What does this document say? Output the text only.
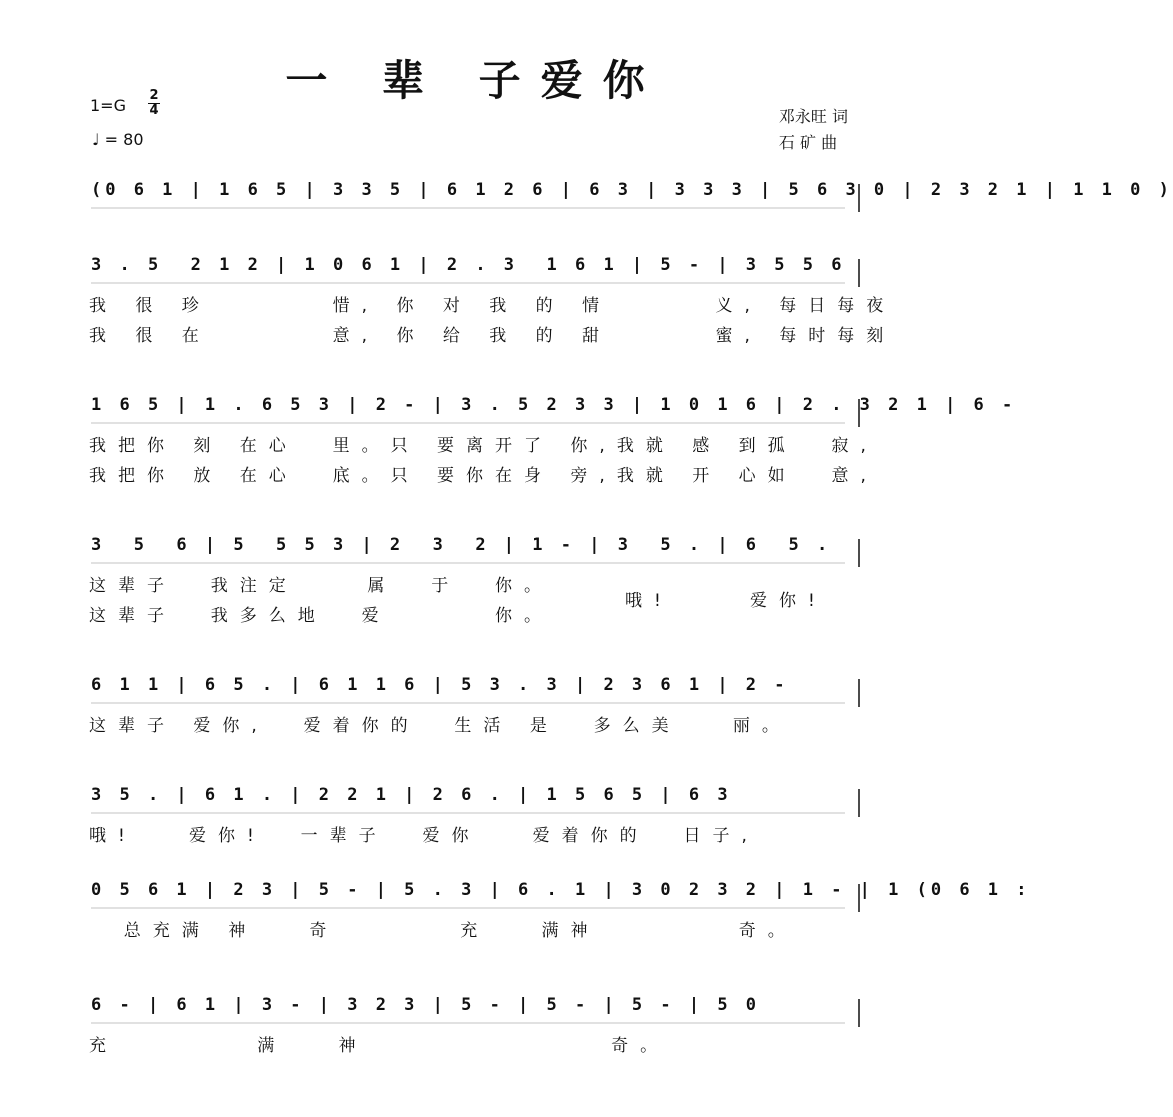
一 辈 子爱你
1=G
2
4
♩ = 80
邓永旺 词
石 矿 曲
(0 6 1 | 1 6 5 | 3 3 5 | 6 1 2 6 | 6 3 | 3 3 3 | 5 6 3 0 | 2 3 2 1 | 1 1 0 )
3 . 5  2 1 2 | 1 0 6 1 | 2 . 3  1 6 1 | 5 - | 3 5 5 6
我 很 珍       惜, 你 对 我 的 情      义, 每日每夜
我 很 在       意, 你 给 我 的 甜      蜜, 每时每刻
1 6 5 | 1 . 6 5 3 | 2 - | 3 . 5 2 3 3 | 1 0 1 6 | 2 . 3 2 1 | 6 -
我把你 刻 在心  里。只 要离开了 你,我就 感 到孤  寂,
我把你 放 在心  底。只 要你在身 旁,我就 开 心如  意,
3  5  6 | 5  5 5 3 | 2  3  2 | 1 - | 3  5 . | 6  5 .
这辈子  我注定    属  于  你。
哦!
这辈子  我多么地  爱      你。
爱你!
6 1 1 | 6 5 . | 6 1 1 6 | 5 3 . 3 | 2 3 6 1 | 2 -
这辈子 爱你,  爱着你的  生活 是  多么美   丽。
3 5 . | 6 1 . | 2 2 1 | 2 6 . | 1 5 6 5 | 6 3
哦!   爱你!  一辈子  爱你   爱着你的  日子,
0 5 6 1 | 2 3 | 5 - | 5 . 3 | 6 . 1 | 3 0 2 3 2 | 1 - | 1 (0 6 1 :
总充满 神   奇       充   满神        奇。
6 - | 6 1 | 3 - | 3 2 3 | 5 - | 5 - | 5 - | 5 0
充        满   神              奇。
